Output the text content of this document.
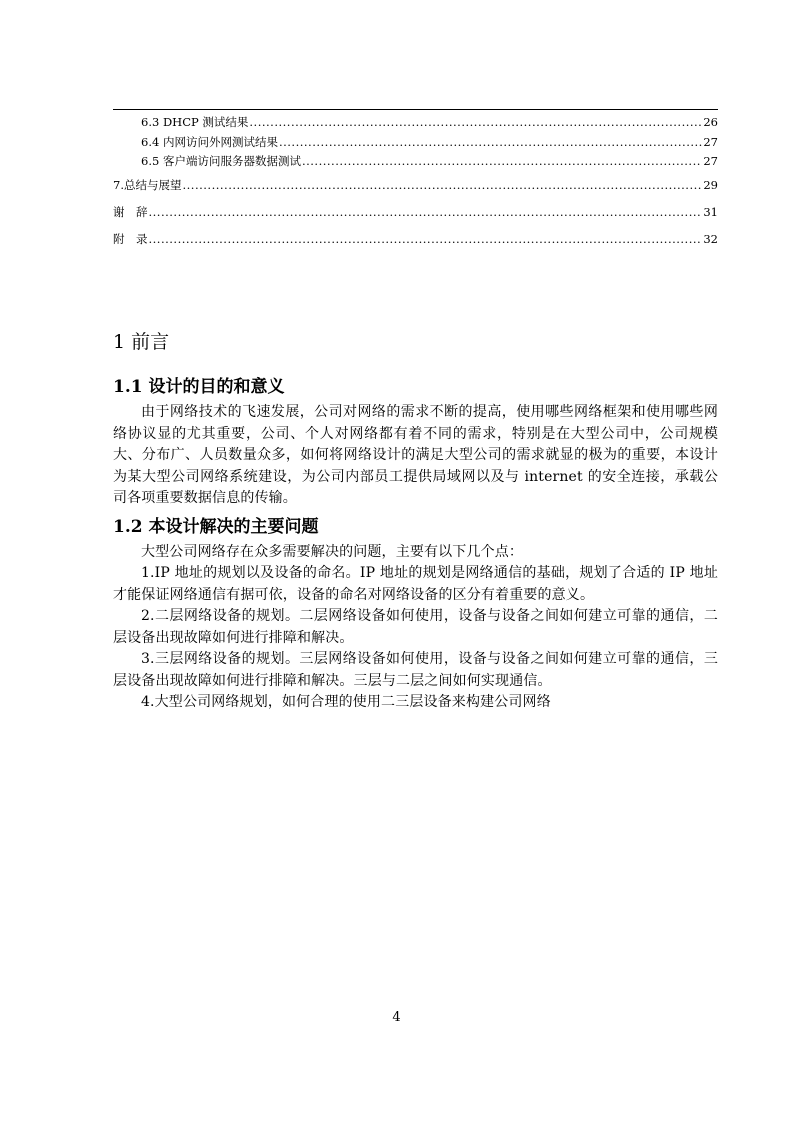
6.3 DHCP 测试结果 .....	26
6.4 内网访问外网测试结果 .....	27
6.5 客户端访问服务器数据测试 .....	27
7.总结与展望 .....	29
谢　辞 .....	31
附　录 .....	32
1 前言
1.1 设计的目的和意义

由于网络技术的飞速发展，公司对网络的需求不断的提高，使用哪些网络框架和使用哪些网络协议显的尤其重要，公司、个人对网络都有着不同的需求，特别是在大型公司中，公司规模大、分布广、人员数量众多，如何将网络设计的满足大型公司的需求就显的极为的重要，本设计为某大型公司网络系统建设，为公司内部员工提供局域网以及与 internet 的安全连接，承载公司各项重要数据信息的传输。

1.2 本设计解决的主要问题

大型公司网络存在众多需要解决的问题，主要有以下几个点：

1.IP 地址的规划以及设备的命名。IP 地址的规划是网络通信的基础，规划了合适的 IP 地址才能保证网络通信有据可依，设备的命名对网络设备的区分有着重要的意义。

2.二层网络设备的规划。二层网络设备如何使用，设备与设备之间如何建立可靠的通信，二层设备出现故障如何进行排障和解决。

3.三层网络设备的规划。三层网络设备如何使用，设备与设备之间如何建立可靠的通信，三层设备出现故障如何进行排障和解决。三层与二层之间如何实现通信。

4.大型公司网络规划，如何合理的使用二三层设备来构建公司网络

4
